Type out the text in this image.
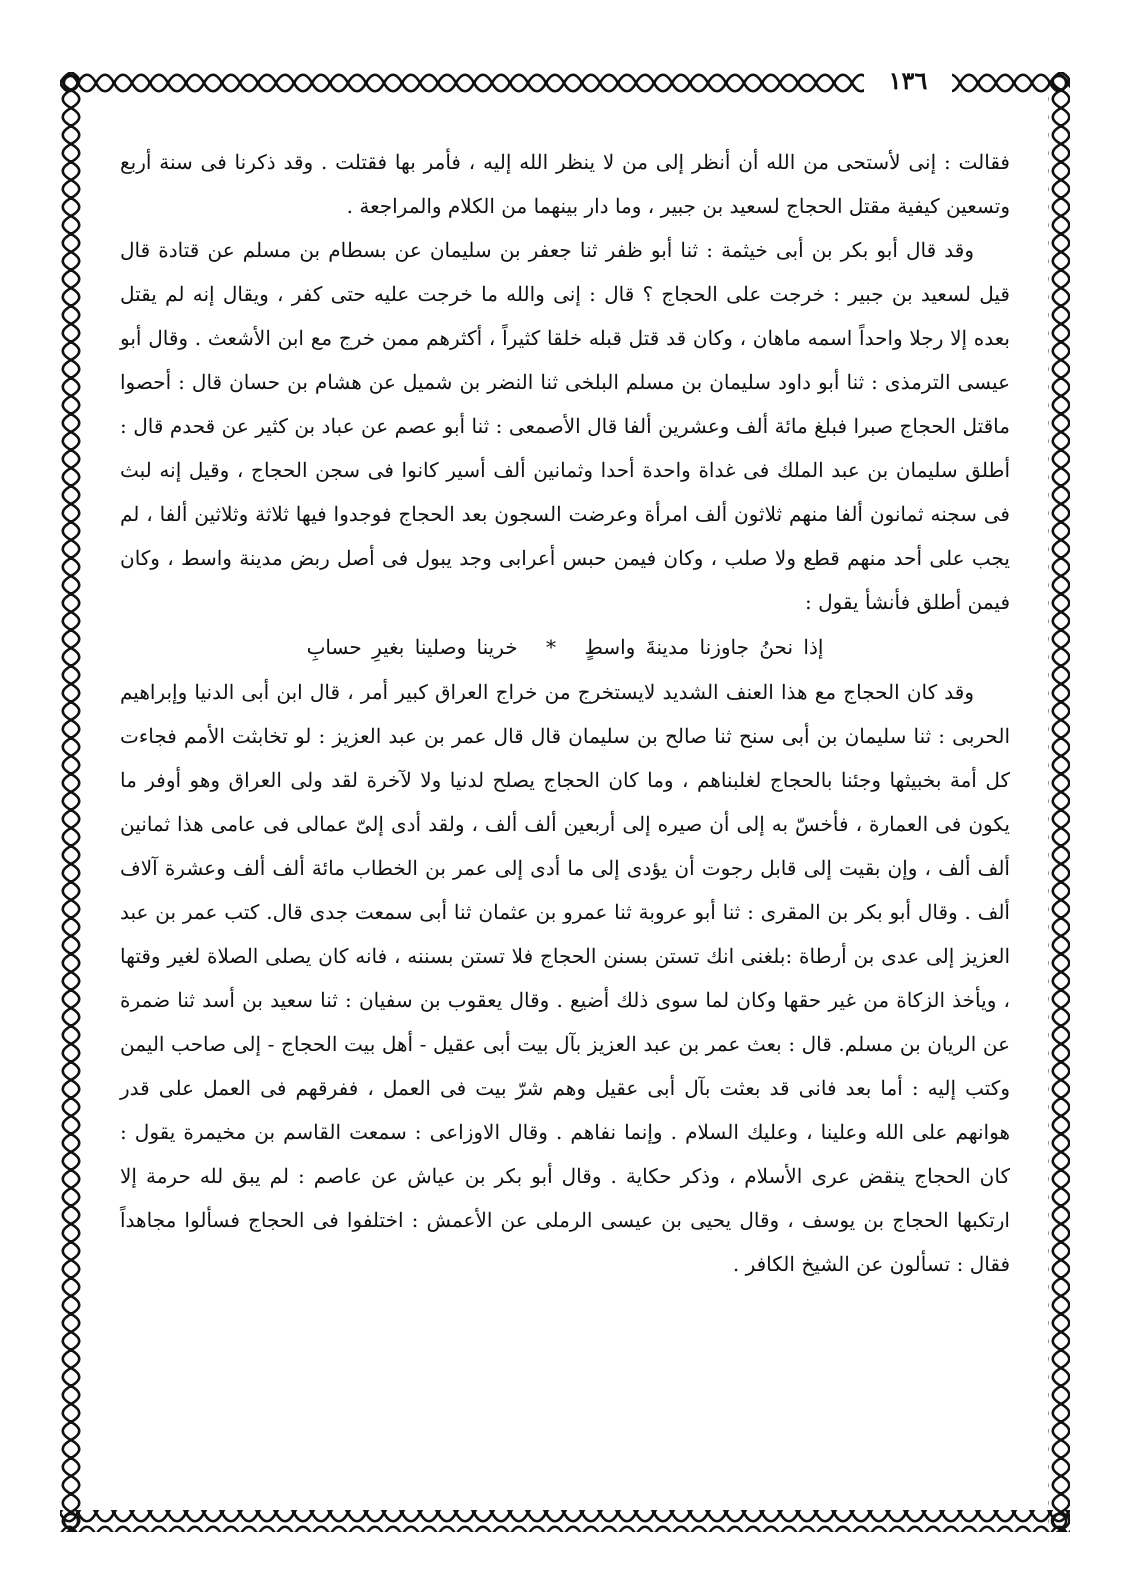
١٣٦

فقالت : إنى لأستحى من الله أن أنظر إلى من لا ينظر الله إليه ، فأمر بها فقتلت . وقد ذكرنا فى سنة أربع وتسعين كيفية مقتل الحجاج لسعيد بن جبير ، وما دار بينهما من الكلام والمراجعة .

وقد قال أبو بكر بن أبى خيثمة : ثنا أبو ظفر ثنا جعفر بن سليمان عن بسطام بن مسلم عن قتادة قال قيل لسعيد بن جبير : خرجت على الحجاج ؟ قال : إنى والله ما خرجت عليه حتى كفر ، ويقال إنه لم يقتل بعده إلا رجلا واحداً اسمه ماهان ، وكان قد قتل قبله خلقا كثيراً ، أكثرهم ممن خرج مع ابن الأشعث . وقال أبو عيسى الترمذى : ثنا أبو داود سليمان بن مسلم البلخى ثنا النضر بن شميل عن هشام بن حسان قال : أحصوا ماقتل الحجاج صبرا فبلغ مائة ألف وعشرين ألفا قال الأصمعى : ثنا أبو عصم عن عباد بن كثير عن قحدم قال : أطلق سليمان بن عبد الملك فى غداة واحدة أحدا وثمانين ألف أسير كانوا فى سجن الحجاج ، وقيل إنه لبث فى سجنه ثمانون ألفا منهم ثلاثون ألف امرأة وعرضت السجون بعد الحجاج فوجدوا فيها ثلاثة وثلاثين ألفا ، لم يجب على أحد منهم قطع ولا صلب ، وكان فيمن حبس أعرابى وجد يبول فى أصل ربض مدينة واسط ، وكان فيمن أطلق فأنشأ يقول :

إذا نحنُ جاوزنا مدينةَ واسطٍ * خرينا وصلينا بغيرِ حسابِ

وقد كان الحجاج مع هذا العنف الشديد لايستخرج من خراج العراق كبير أمر ، قال ابن أبى الدنيا وإبراهيم الحربى : ثنا سليمان بن أبى سنح ثنا صالح بن سليمان قال قال عمر بن عبد العزيز : لو تخابثت الأمم فجاءت كل أمة بخبيثها وجئنا بالحجاج لغلبناهم ، وما كان الحجاج يصلح لدنيا ولا لآخرة لقد ولى العراق وهو أوفر ما يكون فى العمارة ، فأخسّ به إلى أن صيره إلى أربعين ألف ألف ، ولقد أدى إلىّ عمالى فى عامى هذا ثمانين ألف ألف ، وإن بقيت إلى قابل رجوت أن يؤدى إلى ما أدى إلى عمر بن الخطاب مائة ألف ألف وعشرة آلاف ألف . وقال أبو بكر بن المقرى : ثنا أبو عروبة ثنا عمرو بن عثمان ثنا أبى سمعت جدى قال. كتب عمر بن عبد العزيز إلى عدى بن أرطاة :بلغنى انك تستن بسنن الحجاج فلا تستن بسننه ، فانه كان يصلى الصلاة لغير وقتها ، ويأخذ الزكاة من غير حقها وكان لما سوى ذلك أضيع . وقال يعقوب بن سفيان : ثنا سعيد بن أسد ثنا ضمرة عن الريان بن مسلم. قال : بعث عمر بن عبد العزيز بآل بيت أبى عقيل - أهل بيت الحجاج - إلى صاحب اليمن وكتب إليه : أما بعد فانى قد بعثت بآل أبى عقيل وهم شرّ بيت فى العمل ، ففرقهم فى العمل على قدر هوانهم على الله وعلينا ، وعليك السلام . وإنما نفاهم . وقال الاوزاعى : سمعت القاسم بن مخيمرة يقول : كان الحجاج ينقض عرى الأسلام ، وذكر حكاية . وقال أبو بكر بن عياش عن عاصم : لم يبق لله حرمة إلا ارتكبها الحجاج بن يوسف ، وقال يحيى بن عيسى الرملى عن الأعمش : اختلفوا فى الحجاج فسألوا مجاهداً فقال : تسألون عن الشيخ الكافر .
